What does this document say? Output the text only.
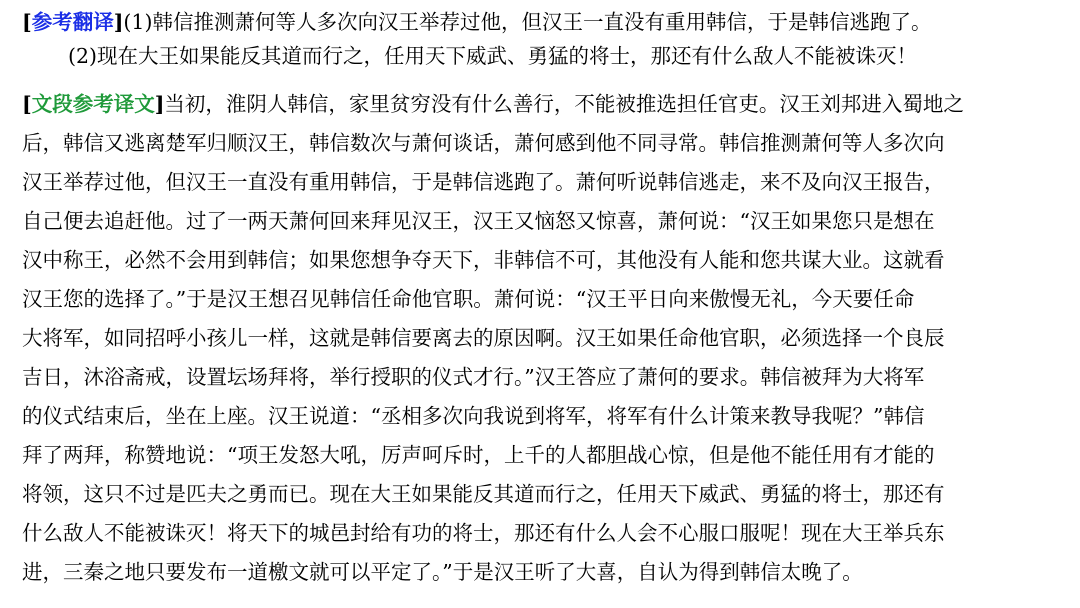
[参考翻译](1)韩信推测萧何等人多次向汉王举荐过他，但汉王一直没有重用韩信，于是韩信逃跑了。
(2)现在大王如果能反其道而行之，任用天下威武、勇猛的将士，那还有什么敌人不能被诛灭！
[文段参考译文]当初，淮阴人韩信，家里贫穷没有什么善行，不能被推选担任官吏。汉王刘邦进入蜀地之
后，韩信又逃离楚军归顺汉王，韩信数次与萧何谈话，萧何感到他不同寻常。韩信推测萧何等人多次向
汉王举荐过他，但汉王一直没有重用韩信，于是韩信逃跑了。萧何听说韩信逃走，来不及向汉王报告，
自己便去追赶他。过了一两天萧何回来拜见汉王，汉王又恼怒又惊喜，萧何说：“汉王如果您只是想在
汉中称王，必然不会用到韩信；如果您想争夺天下，非韩信不可，其他没有人能和您共谋大业。这就看
汉王您的选择了。”于是汉王想召见韩信任命他官职。萧何说：“汉王平日向来傲慢无礼，今天要任命
大将军，如同招呼小孩儿一样，这就是韩信要离去的原因啊。汉王如果任命他官职，必须选择一个良辰
吉日，沐浴斋戒，设置坛场拜将，举行授职的仪式才行。”汉王答应了萧何的要求。韩信被拜为大将军
的仪式结束后，坐在上座。汉王说道：“丞相多次向我说到将军，将军有什么计策来教导我呢？”韩信
拜了两拜，称赞地说：“项王发怒大吼，厉声呵斥时，上千的人都胆战心惊，但是他不能任用有才能的
将领，这只不过是匹夫之勇而已。现在大王如果能反其道而行之，任用天下威武、勇猛的将士，那还有
什么敌人不能被诛灭！将天下的城邑封给有功的将士，那还有什么人会不心服口服呢！现在大王举兵东
进，三秦之地只要发布一道檄文就可以平定了。”于是汉王听了大喜，自认为得到韩信太晚了。
